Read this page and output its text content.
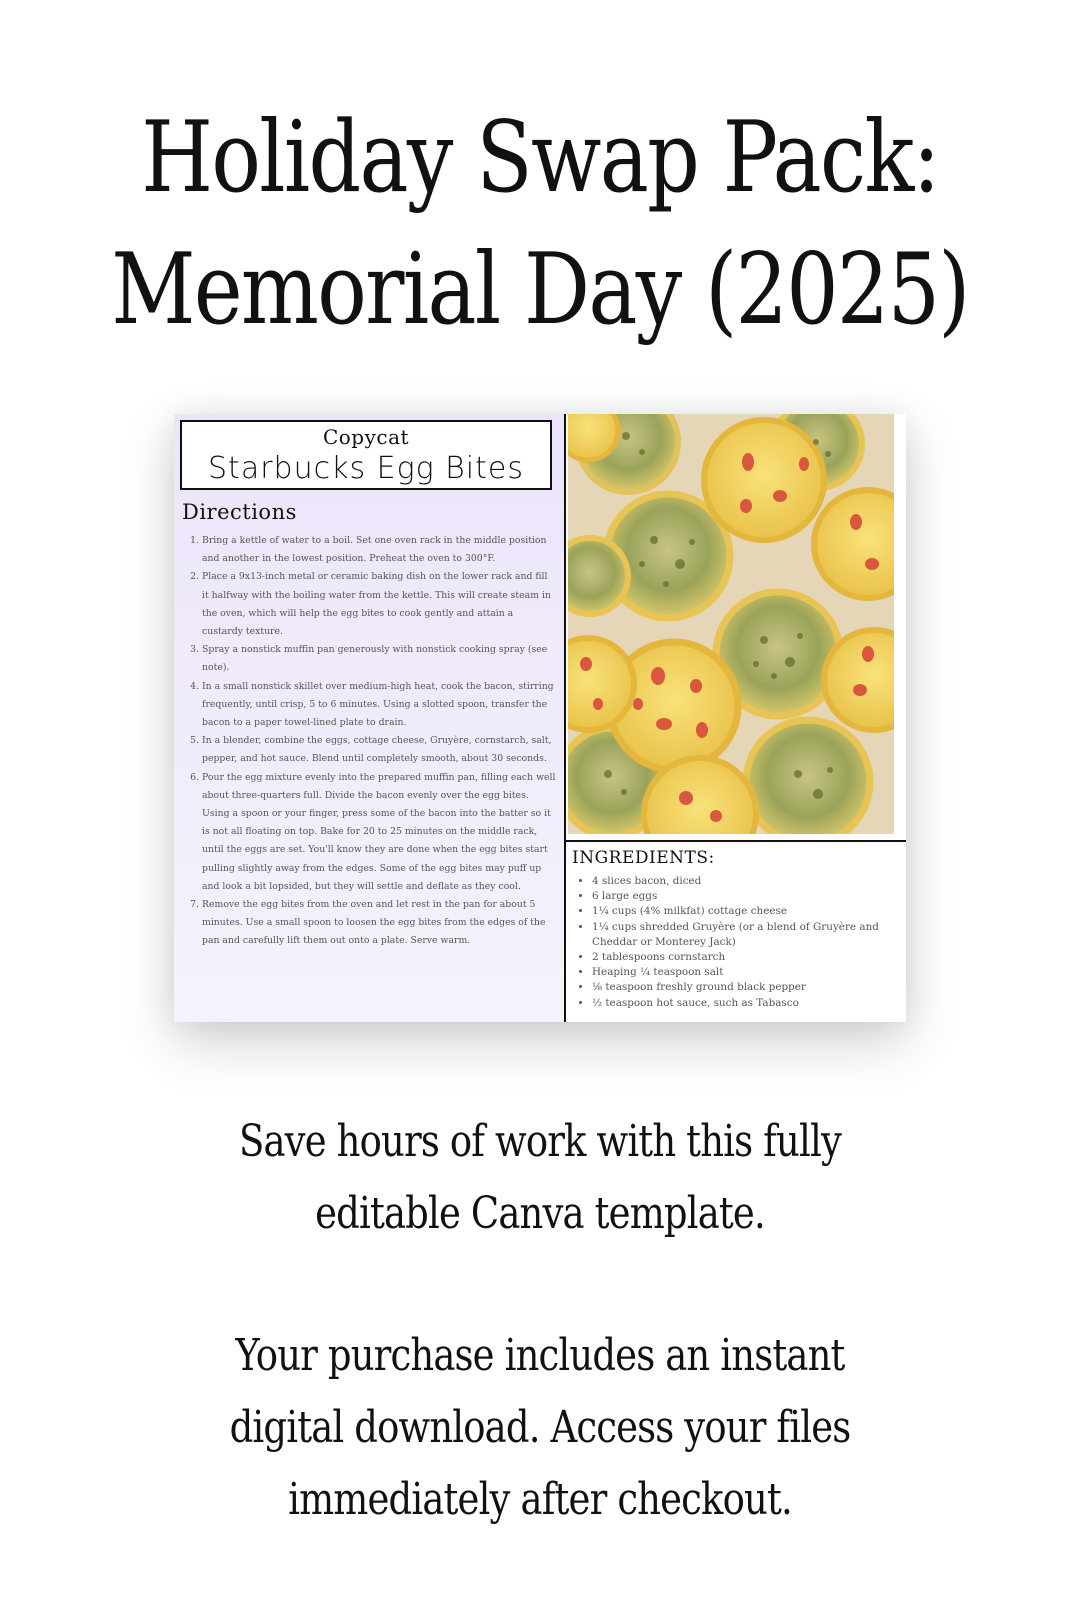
Holiday Swap Pack:
Memorial Day (2025)
Copycat
Starbucks Egg Bites
Directions
1. Bring a kettle of water to a boil. Set one oven rack in the middle position and another in the lowest position. Preheat the oven to 300°F.
2. Place a 9x13-inch metal or ceramic baking dish on the lower rack and fill it halfway with the boiling water from the kettle. This will create steam in the oven, which will help the egg bites to cook gently and attain a custardy texture.
3. Spray a nonstick muffin pan generously with nonstick cooking spray (see note).
4. In a small nonstick skillet over medium-high heat, cook the bacon, stirring frequently, until crisp, 5 to 6 minutes. Using a slotted spoon, transfer the bacon to a paper towel-lined plate to drain.
5. In a blender, combine the eggs, cottage cheese, Gruyère, cornstarch, salt, pepper, and hot sauce. Blend until completely smooth, about 30 seconds.
6. Pour the egg mixture evenly into the prepared muffin pan, filling each well about three-quarters full. Divide the bacon evenly over the egg bites. Using a spoon or your finger, press some of the bacon into the batter so it is not all floating on top. Bake for 20 to 25 minutes on the middle rack, until the eggs are set. You'll know they are done when the egg bites start pulling slightly away from the edges. Some of the egg bites may puff up and look a bit lopsided, but they will settle and deflate as they cool.
7. Remove the egg bites from the oven and let rest in the pan for about 5 minutes. Use a small spoon to loosen the egg bites from the edges of the pan and carefully lift them out onto a plate. Serve warm.
INGREDIENTS:
• 4 slices bacon, diced
• 6 large eggs
• 1¼ cups (4% milkfat) cottage cheese
• 1¼ cups shredded Gruyère (or a blend of Gruyère and Cheddar or Monterey Jack)
• 2 tablespoons cornstarch
• Heaping ¼ teaspoon salt
• ⅛ teaspoon freshly ground black pepper
• ½ teaspoon hot sauce, such as Tabasco

Save hours of work with this fully editable Canva template.

Your purchase includes an instant digital download. Access your files immediately after checkout.
